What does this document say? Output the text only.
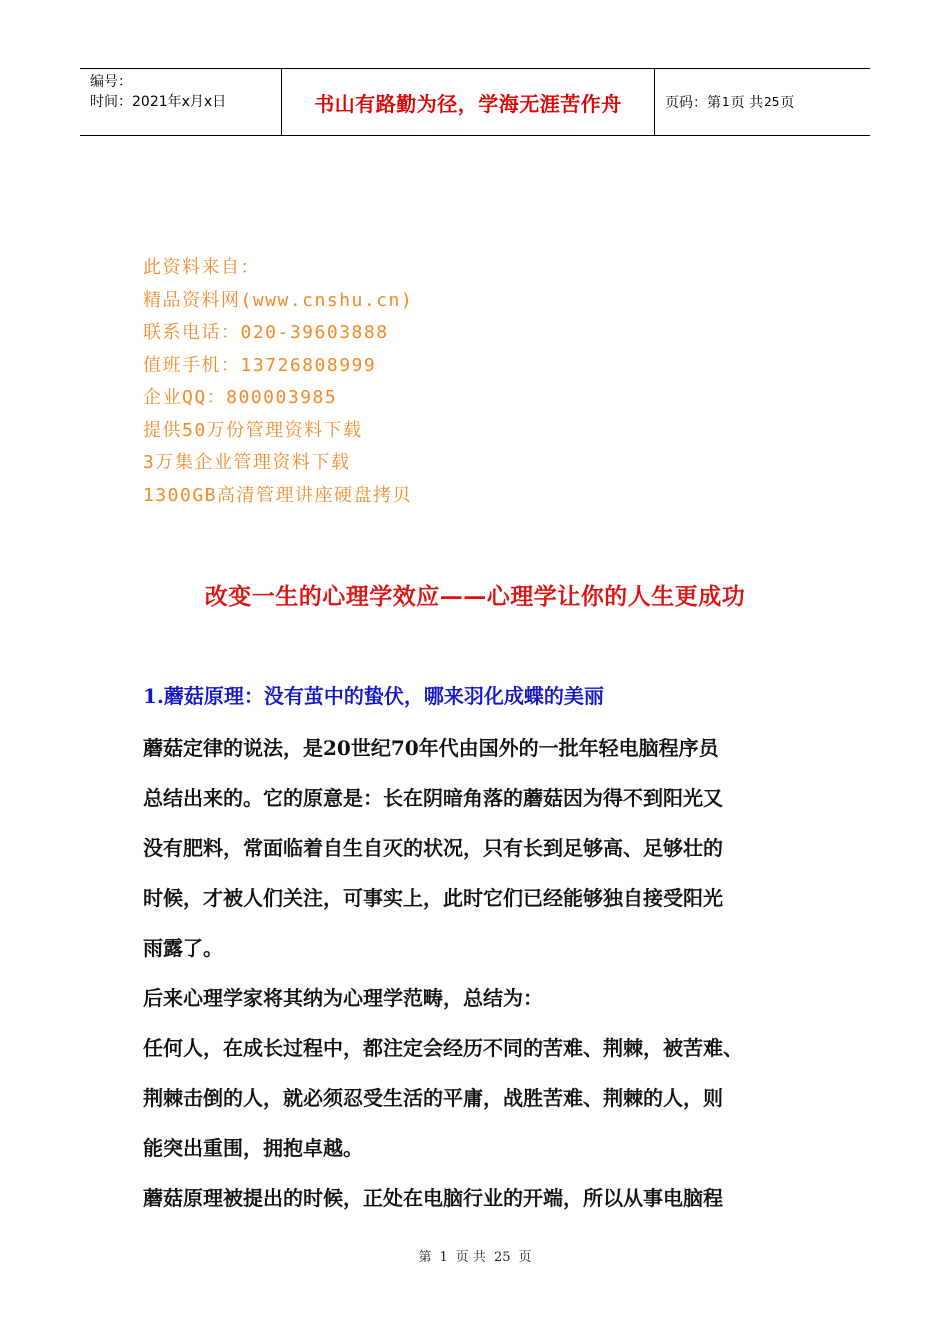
编号：
时间：2021年x月x日	书山有路勤为径，学海无涯苦作舟	页码：第 1 页 共 25 页
此资料来自：
精品资料网(www.cnshu.cn)
联系电话：020-39603888
值班手机：13726808999
企业QQ：800003985
提供50万份管理资料下载
3万集企业管理资料下载
1300GB高清管理讲座硬盘拷贝
改变一生的心理学效应——心理学让你的人生更成功
1.蘑菇原理：没有茧中的蛰伏，哪来羽化成蝶的美丽

蘑菇定律的说法，是20世纪70年代由国外的一批年轻电脑程序员
总结出来的。它的原意是：长在阴暗角落的蘑菇因为得不到阳光又
没有肥料，常面临着自生自灭的状况，只有长到足够高、足够壮的
时候，才被人们关注，可事实上，此时它们已经能够独自接受阳光
雨露了。

后来心理学家将其纳为心理学范畴，总结为：

任何人，在成长过程中，都注定会经历不同的苦难、荆棘，被苦难、
荆棘击倒的人，就必须忍受生活的平庸，战胜苦难、荆棘的人，则
能突出重围，拥抱卓越。

蘑菇原理被提出的时候，正处在电脑行业的开端，所以从事电脑程

第 1 页 共 25 页
